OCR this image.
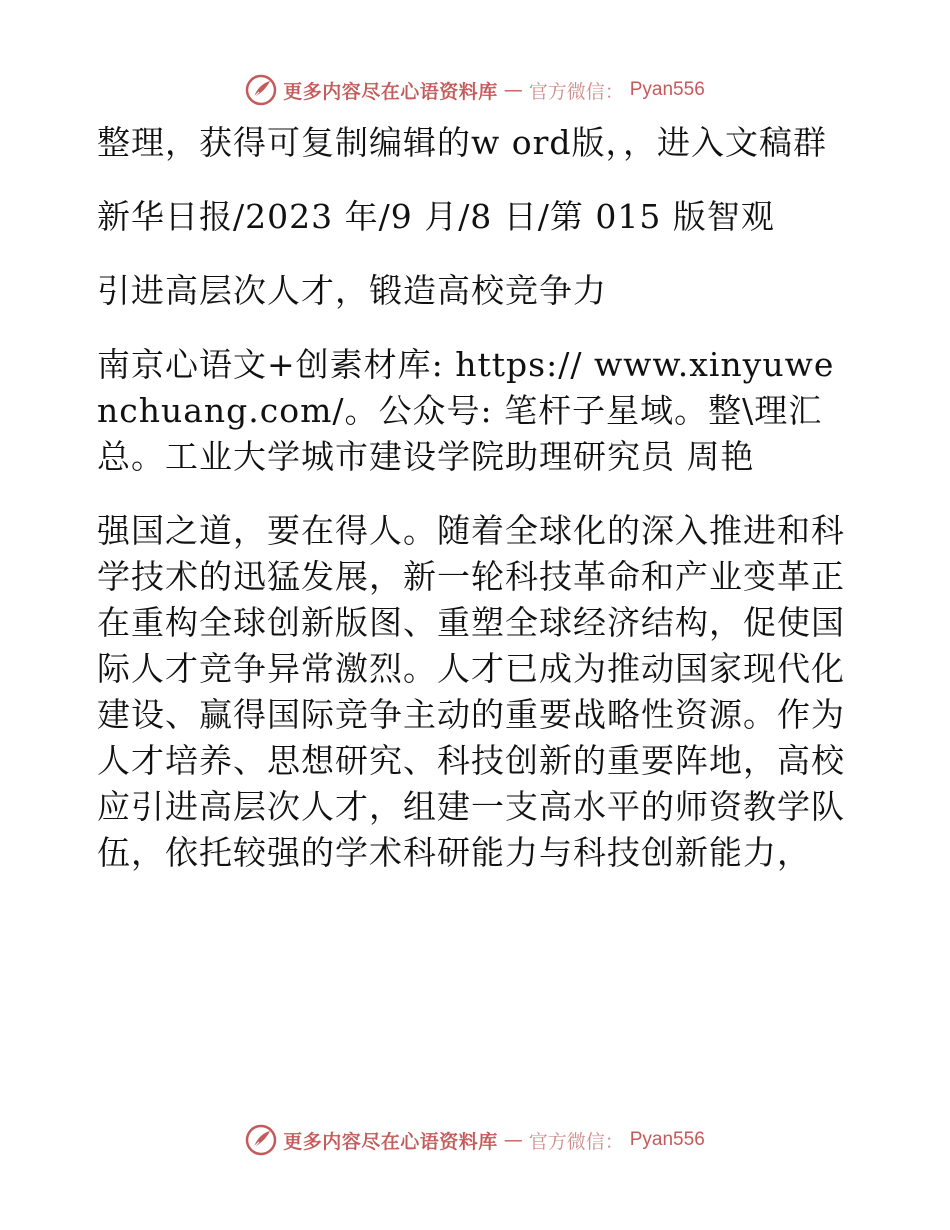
更多内容尽在心语资料库 — 官方微信： Pyan556

整理，获得可复制编辑的w ord版，，进入文稿群

新华日报/2023 年/9 月/8 日/第 015 版智观

引进高层次人才，锻造高校竞争力

南京心语文+创素材库: https:// www.xinyuwenchuang.com/。公众号: 笔杆子星域。整\理汇总。工业大学城市建设学院助理研究员 周艳

强国之道，要在得人。随着全球化的深入推进和科学技术的迅猛发展，新一轮科技革命和产业变革正在重构全球创新版图、重塑全球经济结构，促使国际人才竞争异常激烈。人才已成为推动国家现代化建设、赢得国际竞争主动的重要战略性资源。作为人才培养、思想研究、科技创新的重要阵地，高校应引进高层次人才，组建一支高水平的师资教学队伍，依托较强的学术科研能力与科技创新能力，

更多内容尽在心语资料库 — 官方微信： Pyan556
